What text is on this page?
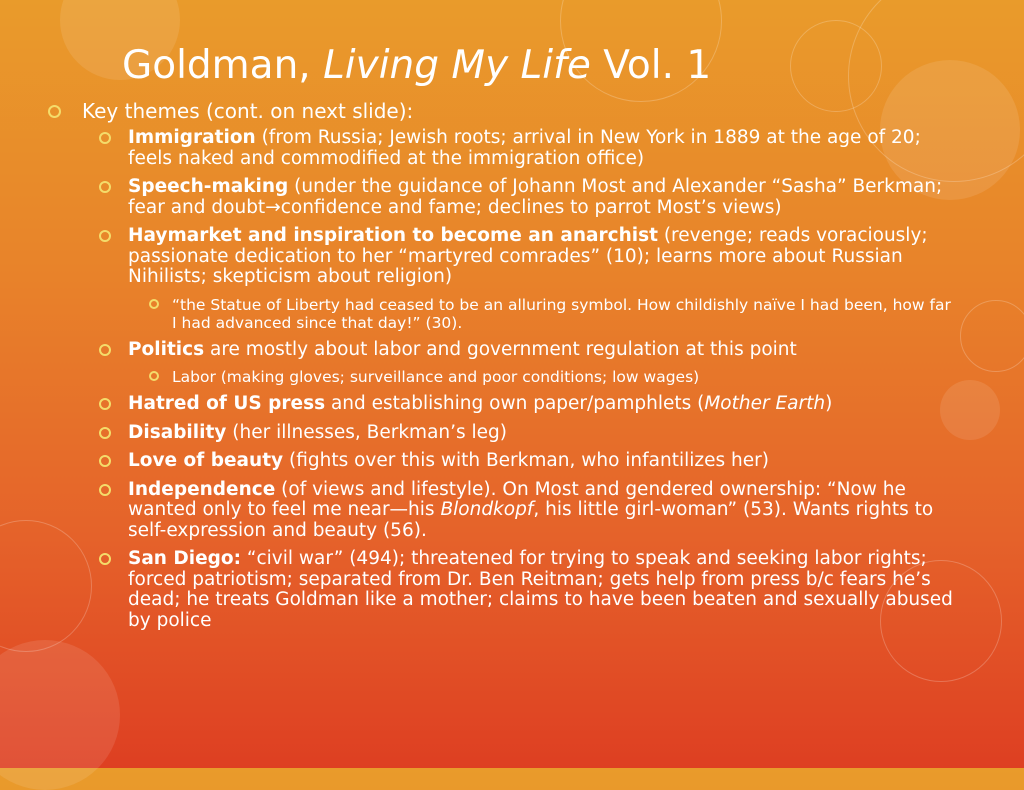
Goldman, Living My Life Vol. 1
Key themes (cont. on next slide):
Immigration (from Russia; Jewish roots; arrival in New York in 1889 at the age of 20; feels naked and commodified at the immigration office)
Speech-making (under the guidance of Johann Most and Alexander “Sasha” Berkman; fear and doubt→confidence and fame; declines to parrot Most’s views)
Haymarket and inspiration to become an anarchist (revenge; reads voraciously; passionate dedication to her “martyred comrades” (10); learns more about Russian Nihilists; skepticism about religion)
“the Statue of Liberty had ceased to be an alluring symbol. How childishly naïve I had been, how far I had advanced since that day!” (30).
Politics are mostly about labor and government regulation at this point
Labor (making gloves; surveillance and poor conditions; low wages)
Hatred of US press and establishing own paper/pamphlets (Mother Earth)
Disability (her illnesses, Berkman’s leg)
Love of beauty (fights over this with Berkman, who infantilizes her)
Independence (of views and lifestyle). On Most and gendered ownership: “Now he wanted only to feel me near—his Blondkopf, his little girl-woman” (53). Wants rights to self-expression and beauty (56).
San Diego: “civil war” (494); threatened for trying to speak and seeking labor rights; forced patriotism; separated from Dr. Ben Reitman; gets help from press b/c fears he’s dead; he treats Goldman like a mother; claims to have been beaten and sexually abused by police
